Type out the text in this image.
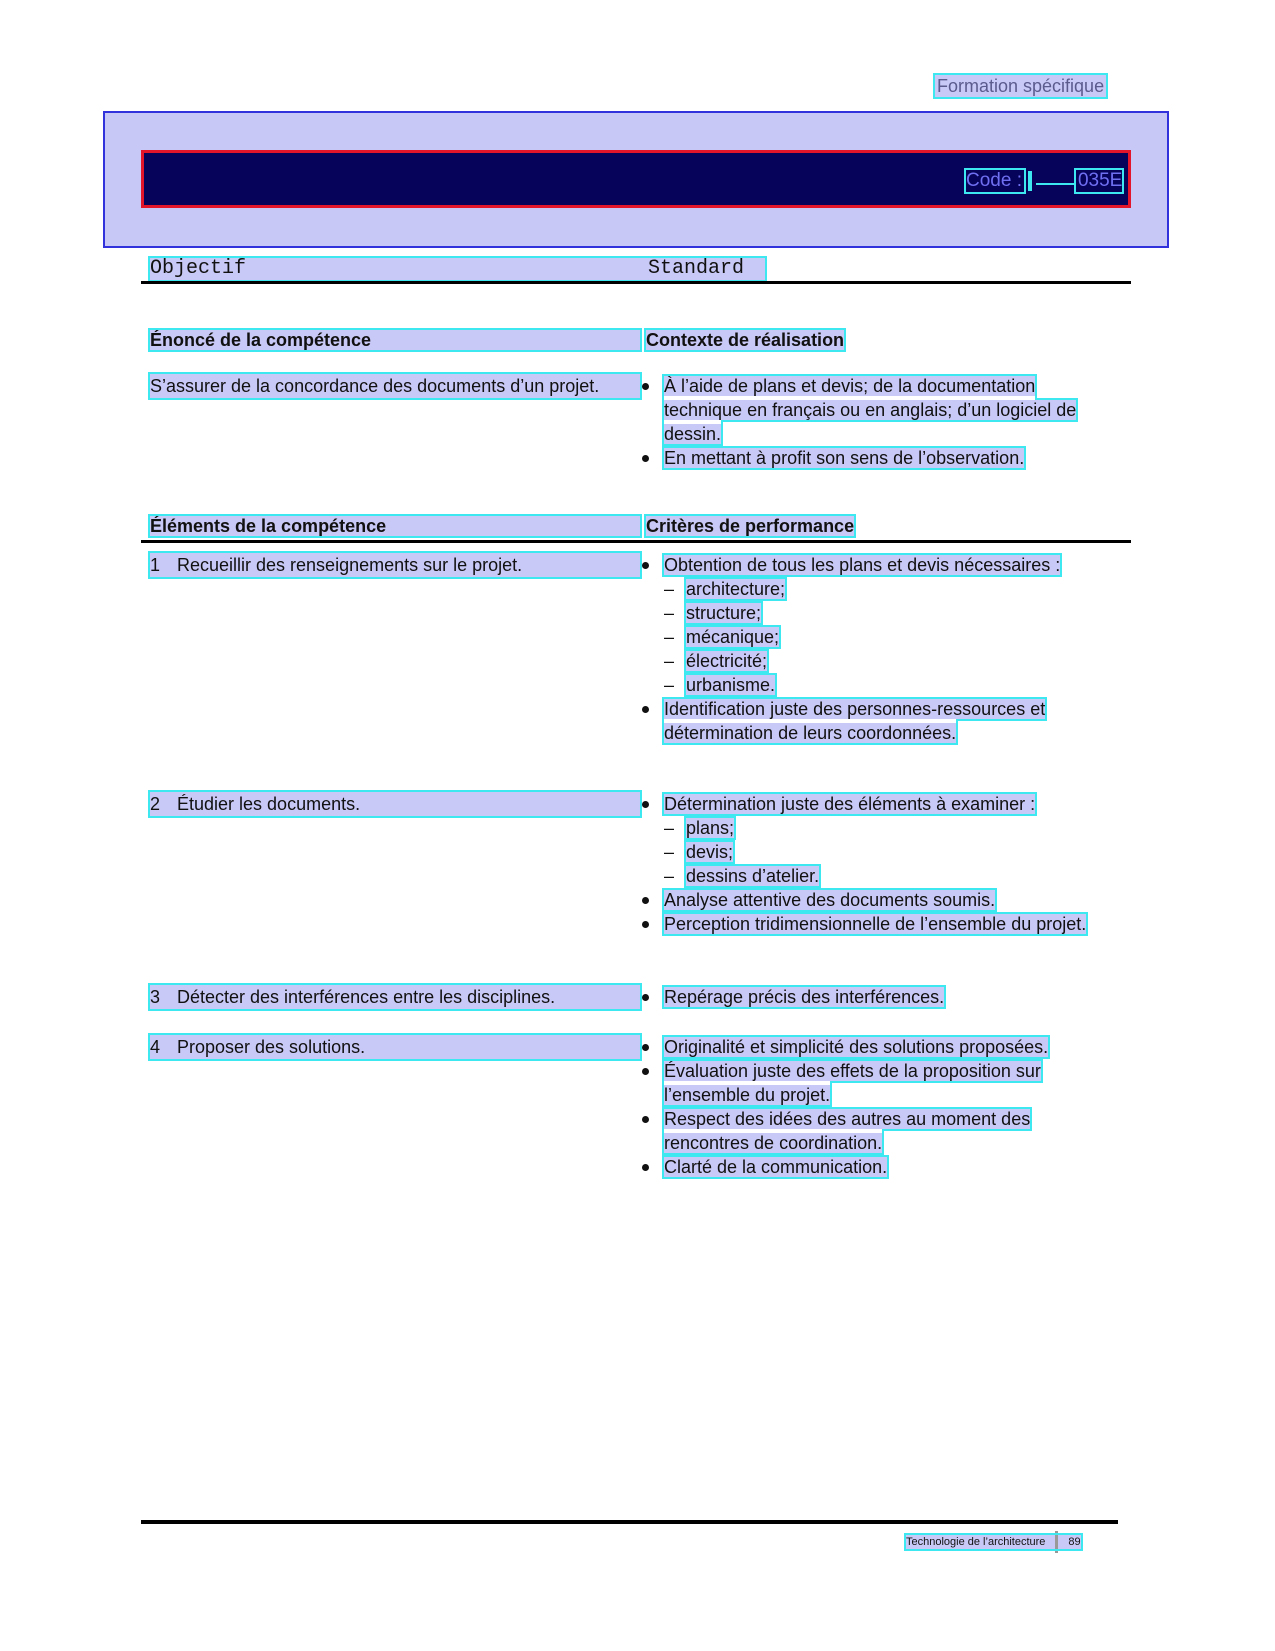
Formation spécifique
Code :	035E
Objectif	Standard
Énoncé de la compétence	Contexte de réalisation
S’assurer de la concordance des documents d’un projet.	À l’aide de plans et devis; de la documentation technique en français ou en anglais; d’un logiciel de dessin.
En mettant à profit son sens de l’observation.
Éléments de la compétence	Critères de performance
1 Recueillir des renseignements sur le projet.	Obtention de tous les plans et devis nécessaires :
– architecture;
– structure;
– mécanique;
– électricité;
– urbanisme.
Identification juste des personnes-ressources et détermination de leurs coordonnées.
2 Étudier les documents.	Détermination juste des éléments à examiner :
– plans;
– devis;
– dessins d’atelier.
Analyse attentive des documents soumis.
Perception tridimensionnelle de l’ensemble du projet.
3 Détecter des interférences entre les disciplines.	Repérage précis des interférences.
4 Proposer des solutions.	Originalité et simplicité des solutions proposées.
Évaluation juste des effets de la proposition sur l’ensemble du projet.
Respect des idées des autres au moment des rencontres de coordination.
Clarté de la communication.
Technologie de l’architecture 89
